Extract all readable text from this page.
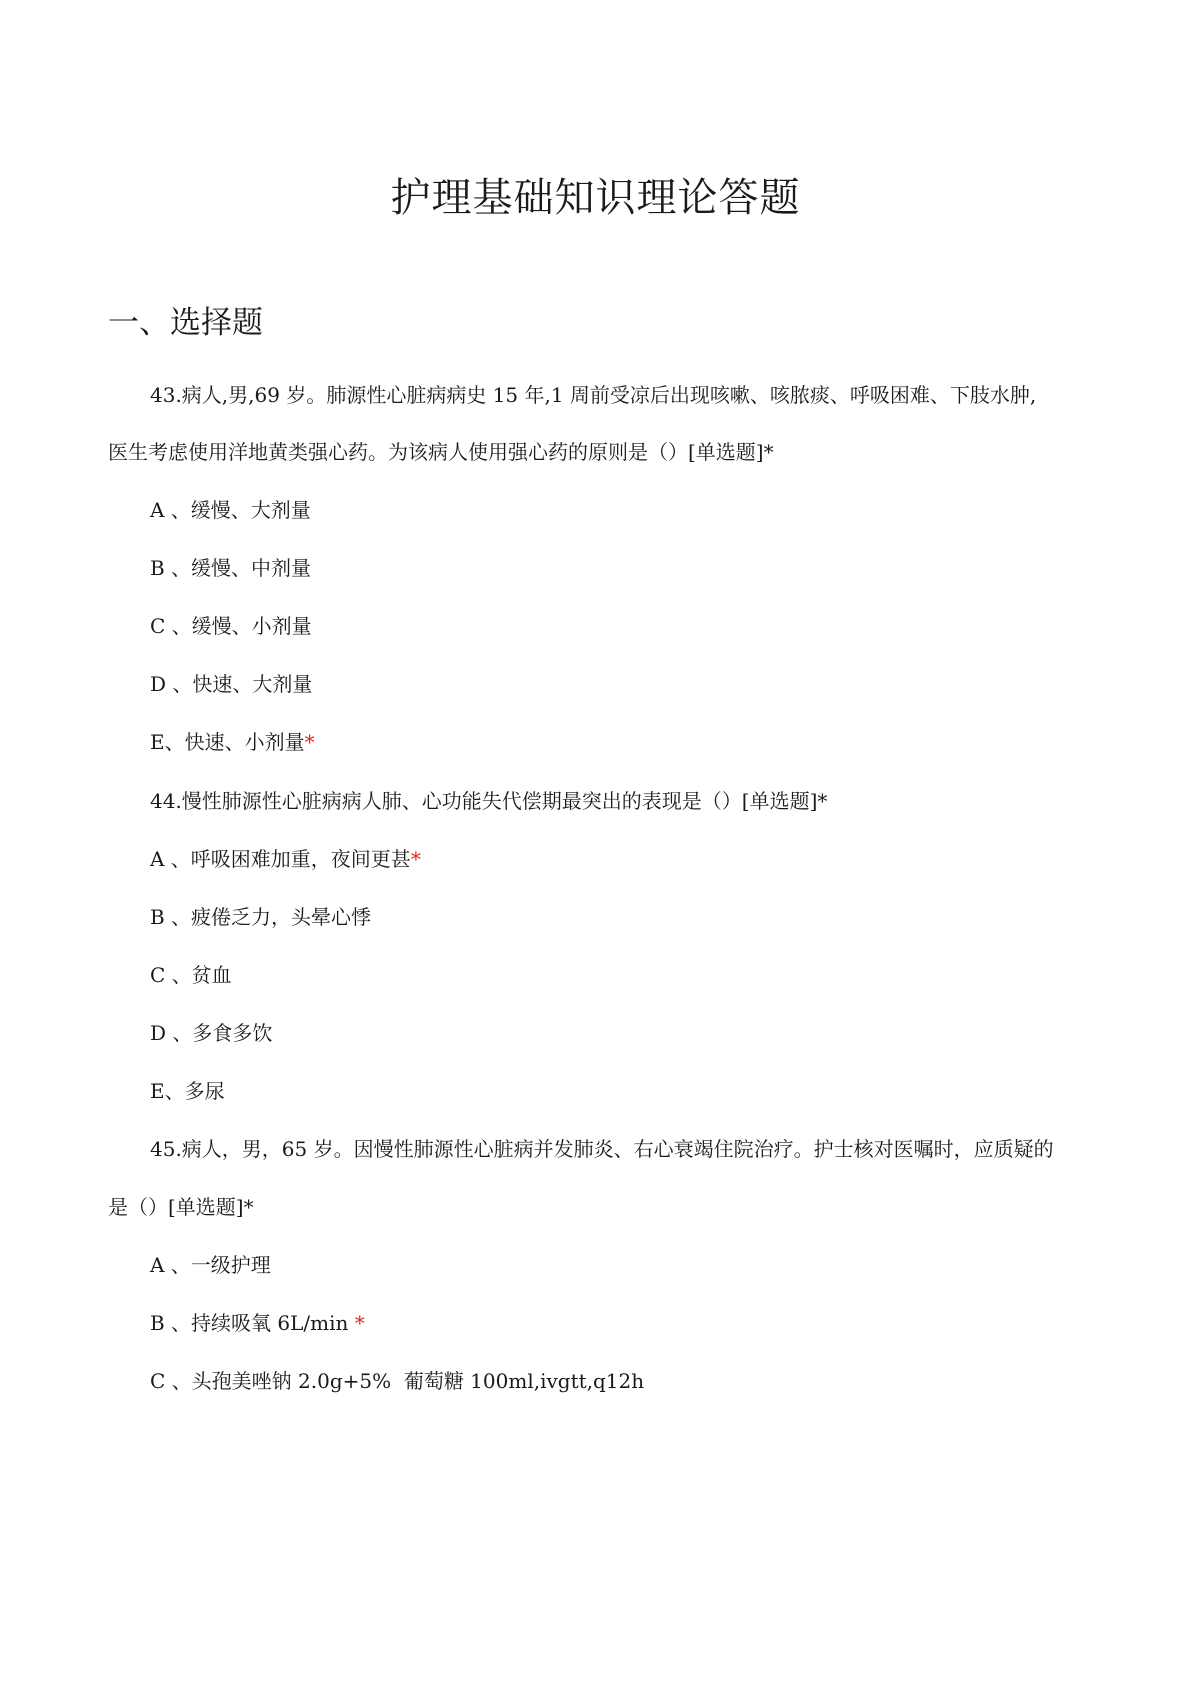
护理基础知识理论答题
一、选择题
43.病人,男,69 岁。肺源性心脏病病史 15 年,1 周前受凉后出现咳嗽、咳脓痰、呼吸困难、下肢水肿,
医生考虑使用洋地黄类强心药。为该病人使用强心药的原则是（）[单选题]*
A 、缓慢、大剂量
B 、缓慢、中剂量
C 、缓慢、小剂量
D 、快速、大剂量
E、快速、小剂量*
44.慢性肺源性心脏病病人肺、心功能失代偿期最突出的表现是（）[单选题]*
A 、呼吸困难加重，夜间更甚*
B 、疲倦乏力，头晕心悸
C 、贫血
D 、多食多饮
E、多尿
45.病人，男，65 岁。因慢性肺源性心脏病并发肺炎、右心衰竭住院治疗。护士核对医嘱时，应质疑的
是（）[单选题]*
A 、一级护理
B 、持续吸氧 6L/min *
C 、头孢美唑钠 2.0g+5%  葡萄糖 100ml,ivgtt,q12h
